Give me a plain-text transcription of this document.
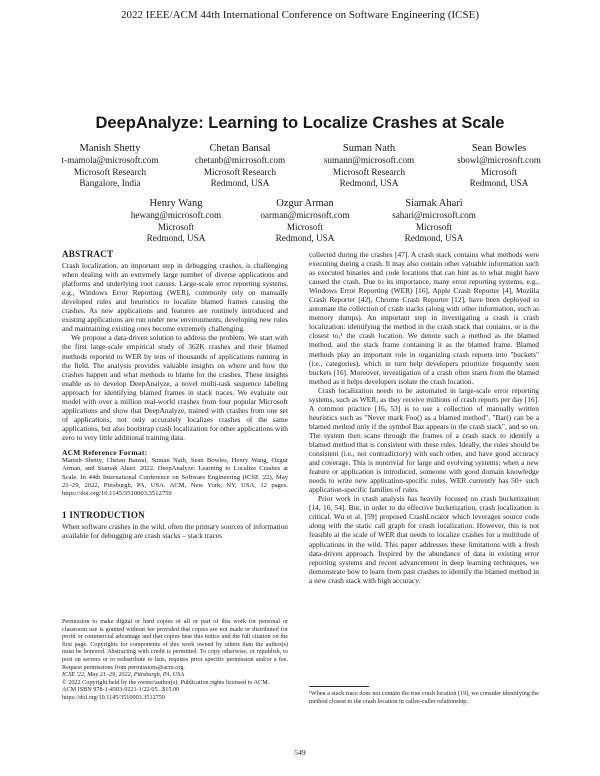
2022 IEEE/ACM 44th International Conference on Software Engineering (ICSE)
DeepAnalyze: Learning to Localize Crashes at Scale
Manish Shetty
t-mamola@microsoft.com
Microsoft Research
Bangalore, India
Chetan Bansal
chetanb@microsoft.com
Microsoft Research
Redmond, USA
Suman Nath
sumann@microsoft.com
Microsoft Research
Redmond, USA
Sean Bowles
sbowl@microsoft.com
Microsoft
Redmond, USA
Henry Wang
hewang@microsoft.com
Microsoft
Redmond, USA
Ozgur Arman
oarman@microsoft.com
Microsoft
Redmond, USA
Siamak Ahari
sahari@microsoft.com
Microsoft
Redmond, USA

ABSTRACT

Crash localization, an important step in debugging crashes, is challenging when dealing with an extremely large number of diverse applications and platforms and underlying root causes. Large-scale error reporting systems, e.g., Windows Error Reporting (WER), commonly rely on manually developed rules and heuristics to localize blamed frames causing the crashes. As new applications and features are routinely introduced and existing applications are run under new environments, developing new rules and maintaining existing ones become extremely challenging.

We propose a data-driven solution to address the problem. We start with the first large-scale empirical study of 362K crashes and their blamed methods reported to WER by tens of thousands of applications running in the field. The analysis provides valuable insights on where and how the crashes happen and what methods to blame for the crashes. These insights enable us to develop DeepAnalyze, a novel multi-task sequence labeling approach for identifying blamed frames in stack traces. We evaluate our model with over a million real-world crashes from four popular Microsoft applications and show that DeepAnalyze, trained with crashes from one set of applications, not only accurately localizes crashes of the same applications, but also bootstrap crash localization for other applications with zero to very little additional training data.

ACM Reference Format:

Manish Shetty, Chetan Bansal, Suman Nath, Sean Bowles, Henry Wang, Ozgur Arman, and Siamak Ahari. 2022. DeepAnalyze: Learning to Localize Crashes at Scale. In 44th International Conference on Software Engineering (ICSE '22), May 21–29, 2022, Pittsburgh, PA, USA. ACM, New York, NY, USA, 12 pages. https://doi.org/10.1145/3510003.3512759

1 INTRODUCTION

When software crashes in the wild, often the primary sources of information available for debugging are crash stacks – stack traces

Permission to make digital or hard copies of all or part of this work for personal or classroom use is granted without fee provided that copies are not made or distributed for profit or commercial advantage and that copies bear this notice and the full citation on the first page. Copyrights for components of this work owned by others than the author(s) must be honored. Abstracting with credit is permitted. To copy otherwise, or republish, to post on servers or to redistribute to lists, requires prior specific permission and/or a fee. Request permissions from permissions@acm.org.
ICSE '22, May 21–29, 2022, Pittsburgh, PA, USA
© 2022 Copyright held by the owner/author(s). Publication rights licensed to ACM.
ACM ISBN 978-1-4503-9221-1/22/05...$15.00
https://doi.org/10.1145/3510003.3512759

collected during the crashes [47]. A crash stack contains what methods were executing during a crash. It may also contain other valuable information such as executed binaries and code locations that can hint as to what might have caused the crash. Due to its importance, many error reporting systems, e.g., Windows Error Reporting (WER) [16], Apple Crash Reporter [4], Mozilla Crash Reporter [42], Chrome Crash Reporter [12], have been deployed to automate the collection of crash stacks (along with other information, such as memory dumps). An important step in investigating a crash is crash localization: identifying the method in the crash stack that contains, or is the closest to,¹ the crash location. We denote such a method as the blamed method, and the stack frame containing it as the blamed frame. Blamed methods play an important role in organizing crash reports into "buckets" (i.e., categories), which in turn help developers prioritize frequently seen buckets [16]. Moreover, investigation of a crash often starts from the blamed method as it helps developers isolate the crash location.

Crash localization needs to be automated in large-scale error reporting systems, such as WER, as they receive millions of crash reports per day [16]. A common practice [16, 53] is to use a collection of manually written heuristics such as "Never mark Foo() as a blamed method", "Bar() can be a blamed method only if the symbol Baz appears in the crash stack", and so on. The system then scans through the frames of a crash stack to identify a blamed method that is consistent with these rules. Ideally, the rules should be consistent (i.e., not contradictory) with each other, and have good accuracy and coverage. This is nontrivial for large and evolving systems; when a new feature or application is introduced, someone with good domain knowledge needs to write new application-specific rules. WER currently has 50+ such application-specific families of rules.

Prior work in crash analysis has heavily focused on crash bucketization [14, 16, 54]. But, in order to do effective bucketization, crash localization is critical. Wu et al. [59] proposed CrashLocator which leverages source code along with the static call graph for crash localization. However, this is not feasible at the scale of WER that needs to localize crashes for a multitude of applications in the wild. This paper addresses these limitations with a fresh data-driven approach. Inspired by the abundance of data in existing error reporting systems and recent advancement in deep learning techniques, we demonstrate how to learn from past crashes to identify the blamed method in a new crash stack with high accuracy.

¹When a stack trace does not contain the true crash location [19], we consider identifying the method closest to the crash location in callee-caller relationship.
549
